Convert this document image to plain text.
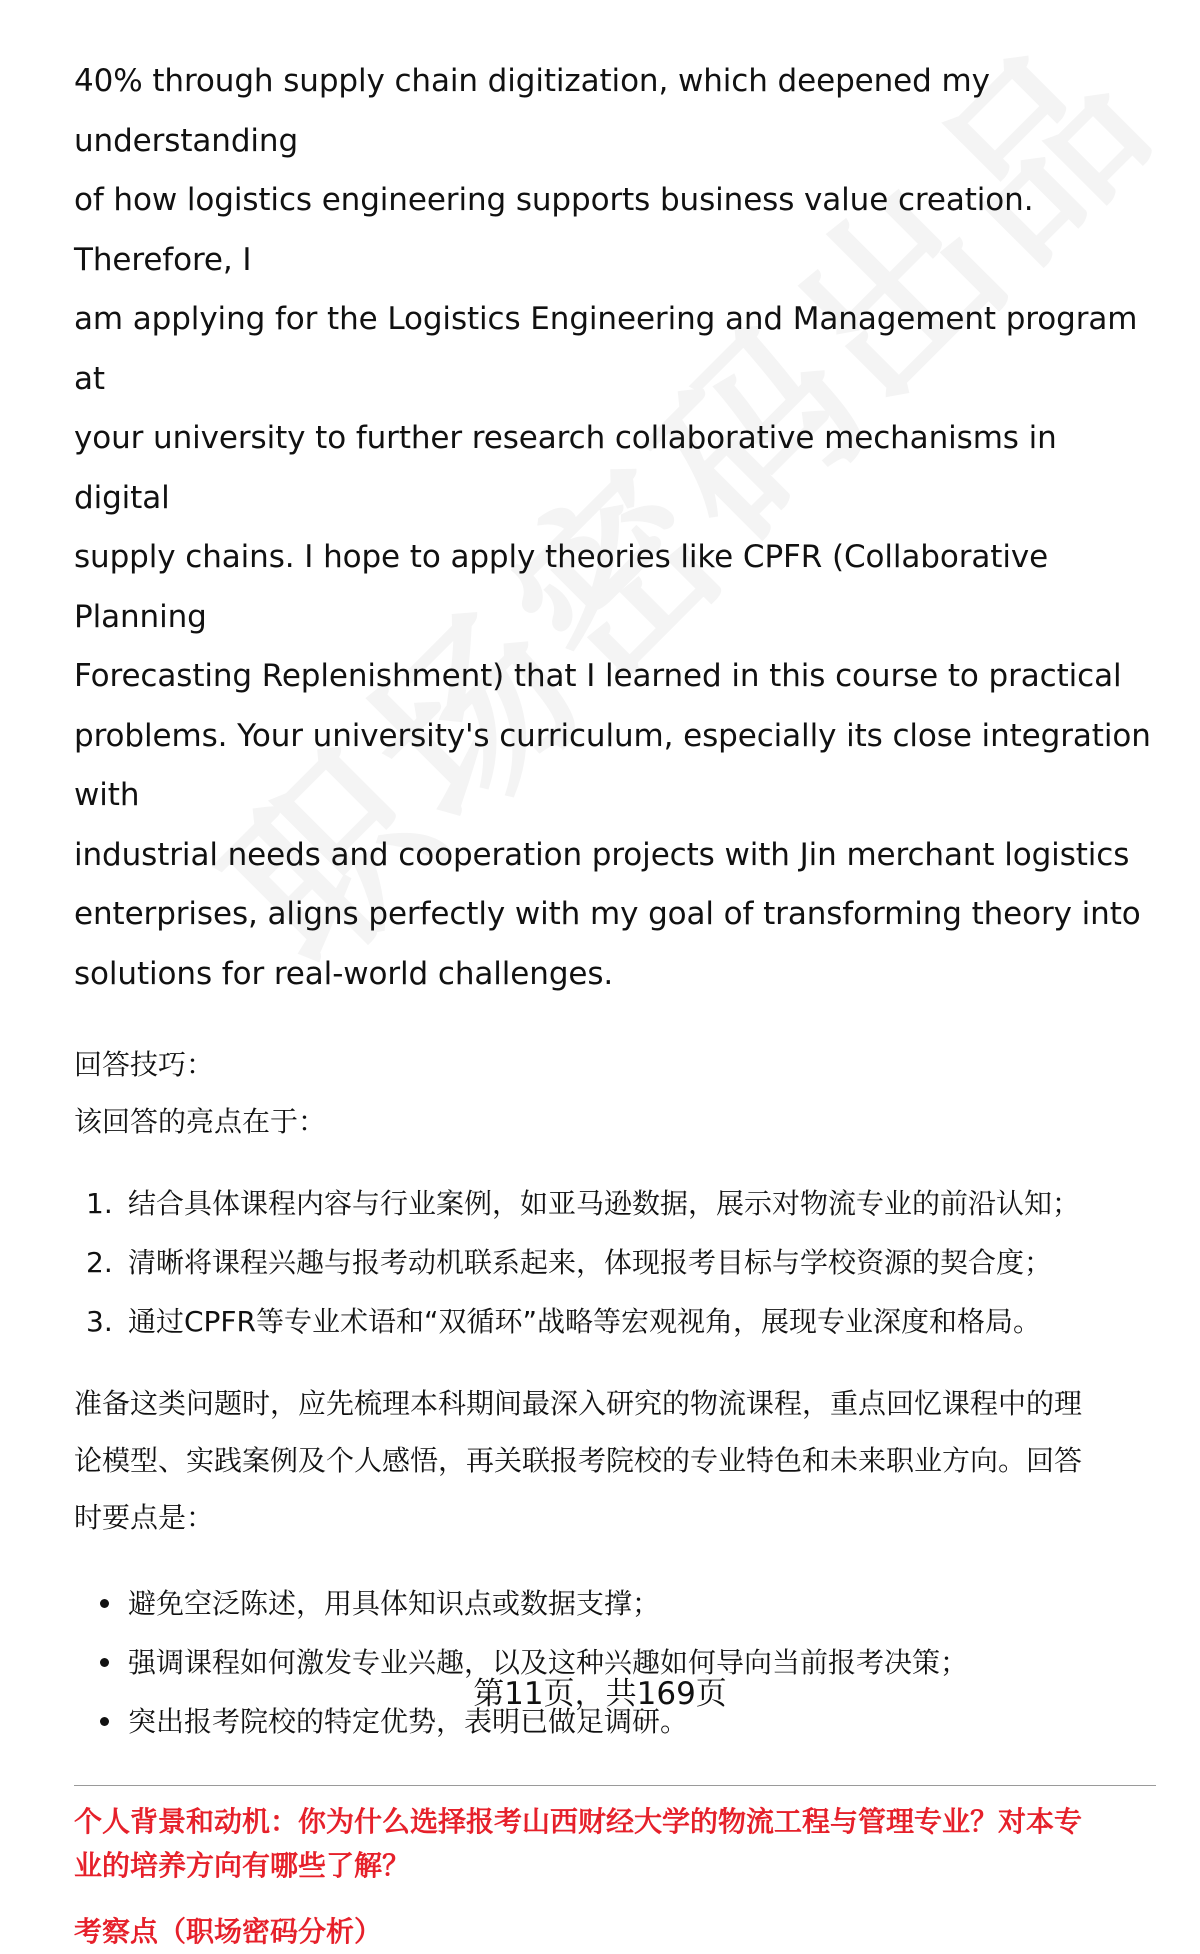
40% through supply chain digitization, which deepened my understanding
of how logistics engineering supports business value creation. Therefore, I
am applying for the Logistics Engineering and Management program at
your university to further research collaborative mechanisms in digital
supply chains. I hope to apply theories like CPFR (Collaborative Planning
Forecasting Replenishment) that I learned in this course to practical
problems. Your university's curriculum, especially its close integration with
industrial needs and cooperation projects with Jin merchant logistics
enterprises, aligns perfectly with my goal of transforming theory into
solutions for real-world challenges.
回答技巧：
该回答的亮点在于：
1. 结合具体课程内容与行业案例，如亚马逊数据，展示对物流专业的前沿认知；
2. 清晰将课程兴趣与报考动机联系起来，体现报考目标与学校资源的契合度；
3. 通过CPFR等专业术语和“双循环”战略等宏观视角，展现专业深度和格局。
准备这类问题时，应先梳理本科期间最深入研究的物流课程，重点回忆课程中的理
论模型、实践案例及个人感悟，再关联报考院校的专业特色和未来职业方向。回答
时要点是：
避免空泛陈述，用具体知识点或数据支撑；
强调课程如何激发专业兴趣，以及这种兴趣如何导向当前报考决策；
突出报考院校的特定优势，表明已做足调研。
个人背景和动机：你为什么选择报考山西财经大学的物流工程与管理专业？对本专
业的培养方向有哪些了解？
考察点（职场密码分析）
第11页，共169页
